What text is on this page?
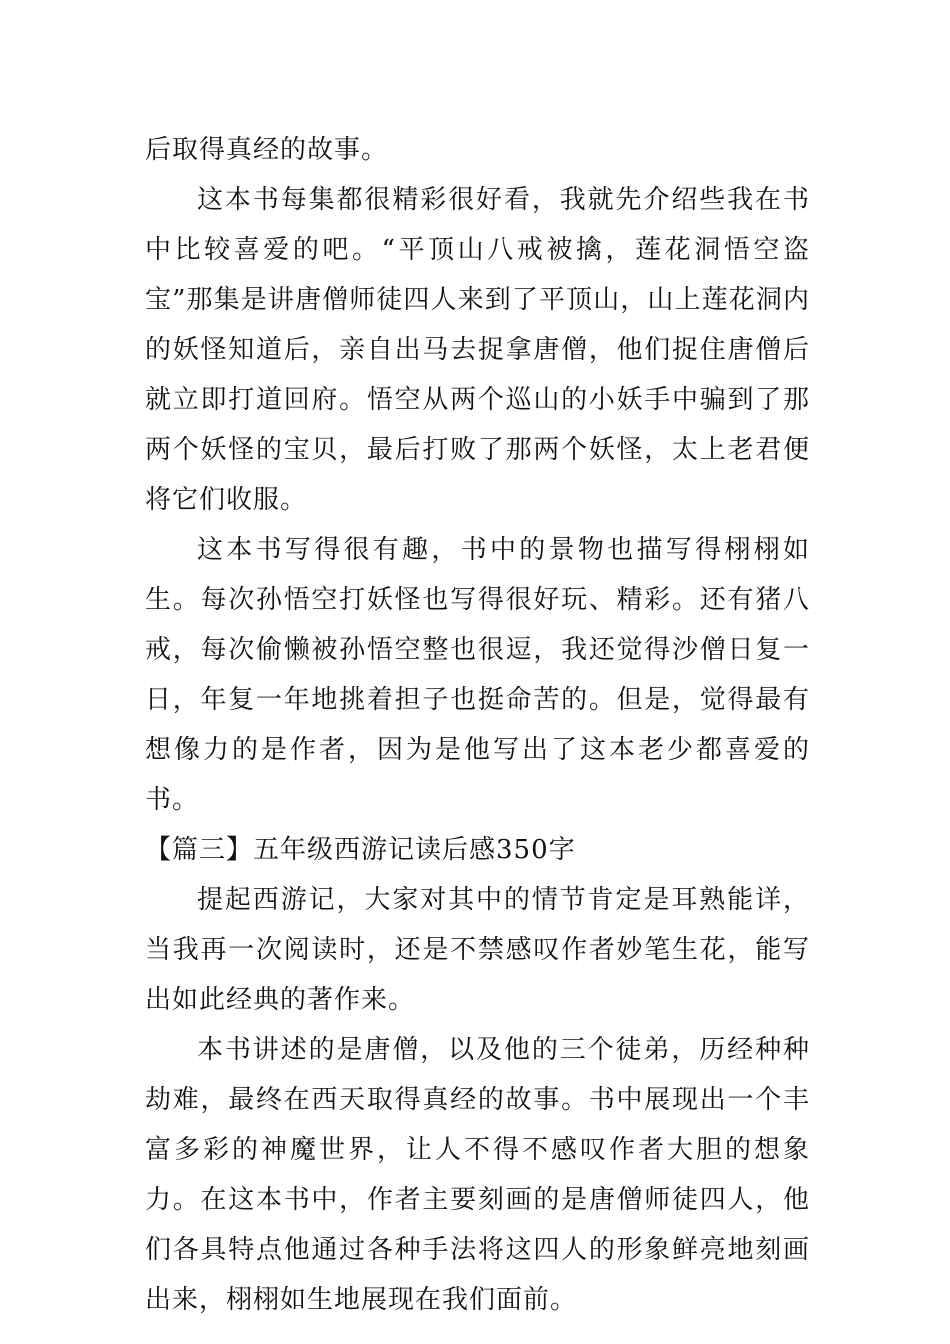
后取得真经的故事。

这本书每集都很精彩很好看，我就先介绍些我在书中比较喜爱的吧。“平顶山八戒被擒，莲花洞悟空盗宝”那集是讲唐僧师徒四人来到了平顶山，山上莲花洞内的妖怪知道后，亲自出马去捉拿唐僧，他们捉住唐僧后就立即打道回府。悟空从两个巡山的小妖手中骗到了那两个妖怪的宝贝，最后打败了那两个妖怪，太上老君便将它们收服。

这本书写得很有趣，书中的景物也描写得栩栩如生。每次孙悟空打妖怪也写得很好玩、精彩。还有猪八戒，每次偷懒被孙悟空整也很逗，我还觉得沙僧日复一日，年复一年地挑着担子也挺命苦的。但是，觉得最有想像力的是作者，因为是他写出了这本老少都喜爱的书。

【篇三】五年级西游记读后感350字

提起西游记，大家对其中的情节肯定是耳熟能详，当我再一次阅读时，还是不禁感叹作者妙笔生花，能写出如此经典的著作来。

本书讲述的是唐僧，以及他的三个徒弟，历经种种劫难，最终在西天取得真经的故事。书中展现出一个丰富多彩的神魔世界，让人不得不感叹作者大胆的想象力。在这本书中，作者主要刻画的是唐僧师徒四人，他们各具特点他通过各种手法将这四人的形象鲜亮地刻画出来，栩栩如生地展现在我们面前。
